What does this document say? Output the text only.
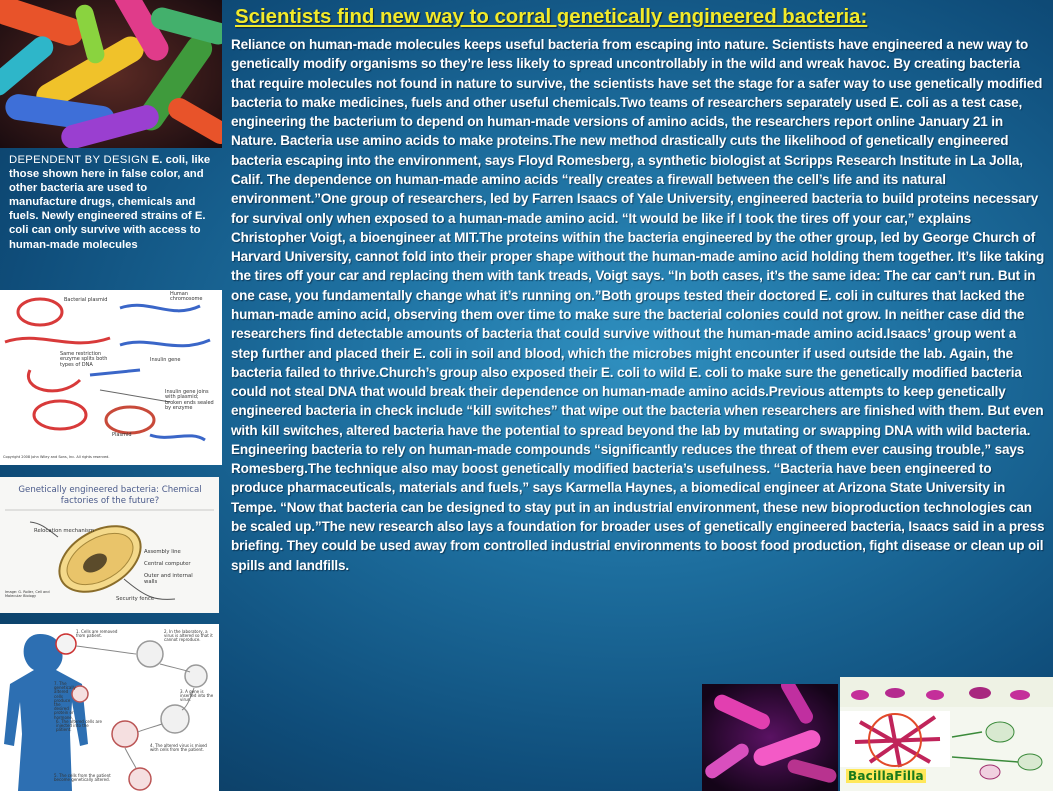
DEPENDENT BY DESIGN E. coli, like those shown here in false color, and other bacteria are used to manufacture drugs, chemicals and fuels. Newly engineered strains of E. coli can only survive with access to human-made molecules
Bacterial plasmid
Human chromosome
Same restriction enzyme splits both types of DNA
Insulin gene
Insulin gene joins with plasmid; broken ends sealed by enzyme
Plasmid
Copyright 2008 John Wiley and Sons, Inc. All rights reserved.
Genetically engineered bacteria: Chemical factories of the future?
Relocation mechanism
Assembly line
Central computer
Outer and internal walls
Security fence
Image: G. Roller, Cell and Molecular Biology
1. Cells are removed from patient.
2. In the laboratory, a virus is altered so that it cannot reproduce.
3. A gene is inserted into the virus.
4. The altered virus is mixed with cells from the patient.
5. The cells from the patient become genetically altered.
6. The altered cells are injected into the patient.
7. The genetically altered cells produce the desired protein or hormone.
Scientists find new way to corral genetically engineered bacteria:

Reliance on human-made molecules keeps useful bacteria from escaping into nature. Scientists have engineered a new way to genetically modify organisms so they’re less likely to spread uncontrollably in the wild and wreak havoc. By creating bacteria that require molecules not found in nature to survive, the scientists have set the stage for a safer way to use genetically modified bacteria to make medicines, fuels and other useful chemicals.Two teams of researchers separately used E. coli as a test case, engineering the bacterium to depend on human-made versions of amino acids, the researchers report online January 21 in Nature. Bacteria use amino acids to make proteins.The new method drastically cuts the likelihood of genetically engineered bacteria escaping into the environment, says Floyd Romesberg, a synthetic biologist at Scripps Research Institute in La Jolla, Calif. The dependence on human-made amino acids “really creates a firewall between the cell’s life and its natural environment.”One group of researchers, led by Farren Isaacs of Yale University, engineered bacteria to build proteins necessary for survival only when exposed to a human-made amino acid. “It would be like if I took the tires off your car,” explains Christopher Voigt, a bioengineer at MIT.The proteins within the bacteria engineered by the other group, led by George Church of Harvard University, cannot fold into their proper shape without the human-made amino acid holding them together. It’s like taking the tires off your car and replacing them with tank treads, Voigt says. “In both cases, it’s the same idea: The car can’t run. But in one case, you fundamentally change what it’s running on.”Both groups tested their doctored E. coli in cultures that lacked the human-made amino acid, observing them over time to make sure the bacterial colonies could not grow. In neither case did the researchers find detectable amounts of bacteria that could survive without the human-made amino acid.Isaacs’ group went a step further and placed their E. coli in soil and blood, which the microbes might encounter if used outside the lab. Again, the bacteria failed to thrive.Church’s group also exposed their E. coli to wild E. coli to make sure the genetically modified bacteria could not steal DNA that would break their dependence on human-made amino acids.Previous attempts to keep genetically engineered bacteria in check include “kill switches” that wipe out the bacteria when researchers are finished with them. But even with kill switches, altered bacteria have the potential to spread beyond the lab by mutating or swapping DNA with wild bacteria. Engineering bacteria to rely on human-made compounds “significantly reduces the threat of them ever causing trouble,” says Romesberg.The technique also may boost genetically modified bacteria’s usefulness. “Bacteria have been engineered to produce pharmaceuticals, materials and fuels,” says Karmella Haynes, a biomedical engineer at Arizona State University in Tempe. “Now that bacteria can be designed to stay put in an industrial environment, these new bioproduction technologies can be scaled up.”The new research also lays a foundation for broader uses of genetically engineered bacteria, Isaacs said in a press briefing. They could be used away from controlled industrial environments to boost food production, fight disease or clean up oil spills and landfills.

BacillaFilla
